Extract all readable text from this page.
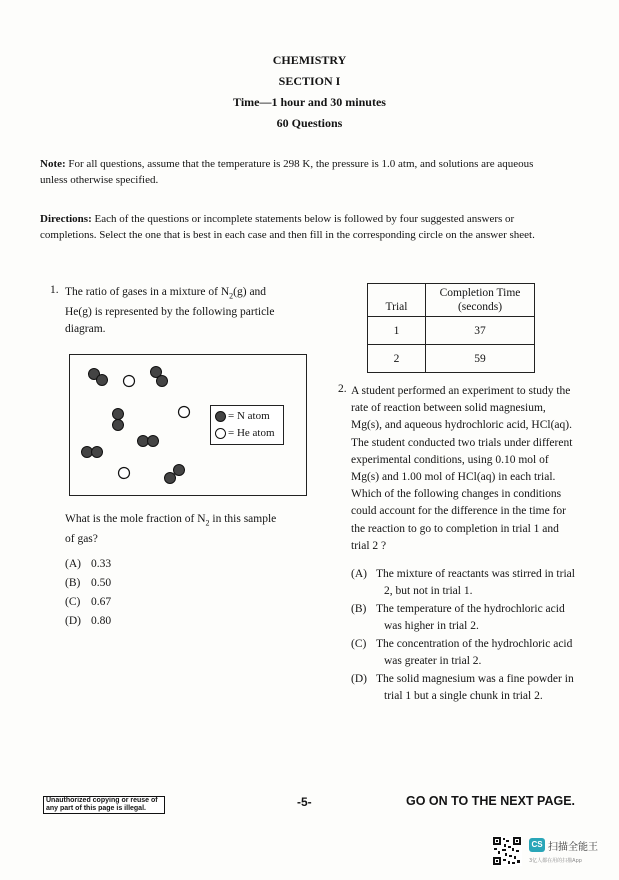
CHEMISTRY
SECTION I
Time—1 hour and 30 minutes
60 Questions
Note: For all questions, assume that the temperature is 298 K, the pressure is 1.0 atm, and solutions are aqueous
unless otherwise specified.
Directions: Each of the questions or incomplete statements below is followed by four suggested answers or
completions. Select the one that is best in each case and then fill in the corresponding circle on the answer sheet.
1. The ratio of gases in a mixture of $N_2(g)$ and
He(g) is represented by the following particle
diagram.
= N atom
= He atom
What is the mole fraction of $N_2$ in this sample
of gas?
(A) 0.33
(B) 0.50
(C) 0.67
(D) 0.80
Trial	Completion Time
(seconds)

1	37
2	59
2. A student performed an experiment to study the
rate of reaction between solid magnesium,
Mg(s), and aqueous hydrochloric acid, HCl(aq).
The student conducted two trials under different
experimental conditions, using 0.10 mol of
Mg(s) and 1.00 mol of HCl(aq) in each trial.
Which of the following changes in conditions
could account for the difference in the time for
the reaction to go to completion in trial 1 and
trial 2 ?
(A) The mixture of reactants was stirred in trial
2, but not in trial 1.
(B) The temperature of the hydrochloric acid
was higher in trial 2.
(C) The concentration of the hydrochloric acid
was greater in trial 2.
(D) The solid magnesium was a fine powder in
trial 1 but a single chunk in trial 2.
Unauthorized copying or reuse of
any part of this page is illegal.	-5-	GO ON TO THE NEXT PAGE.
CS 扫描全能王
3亿人都在用的扫描App
